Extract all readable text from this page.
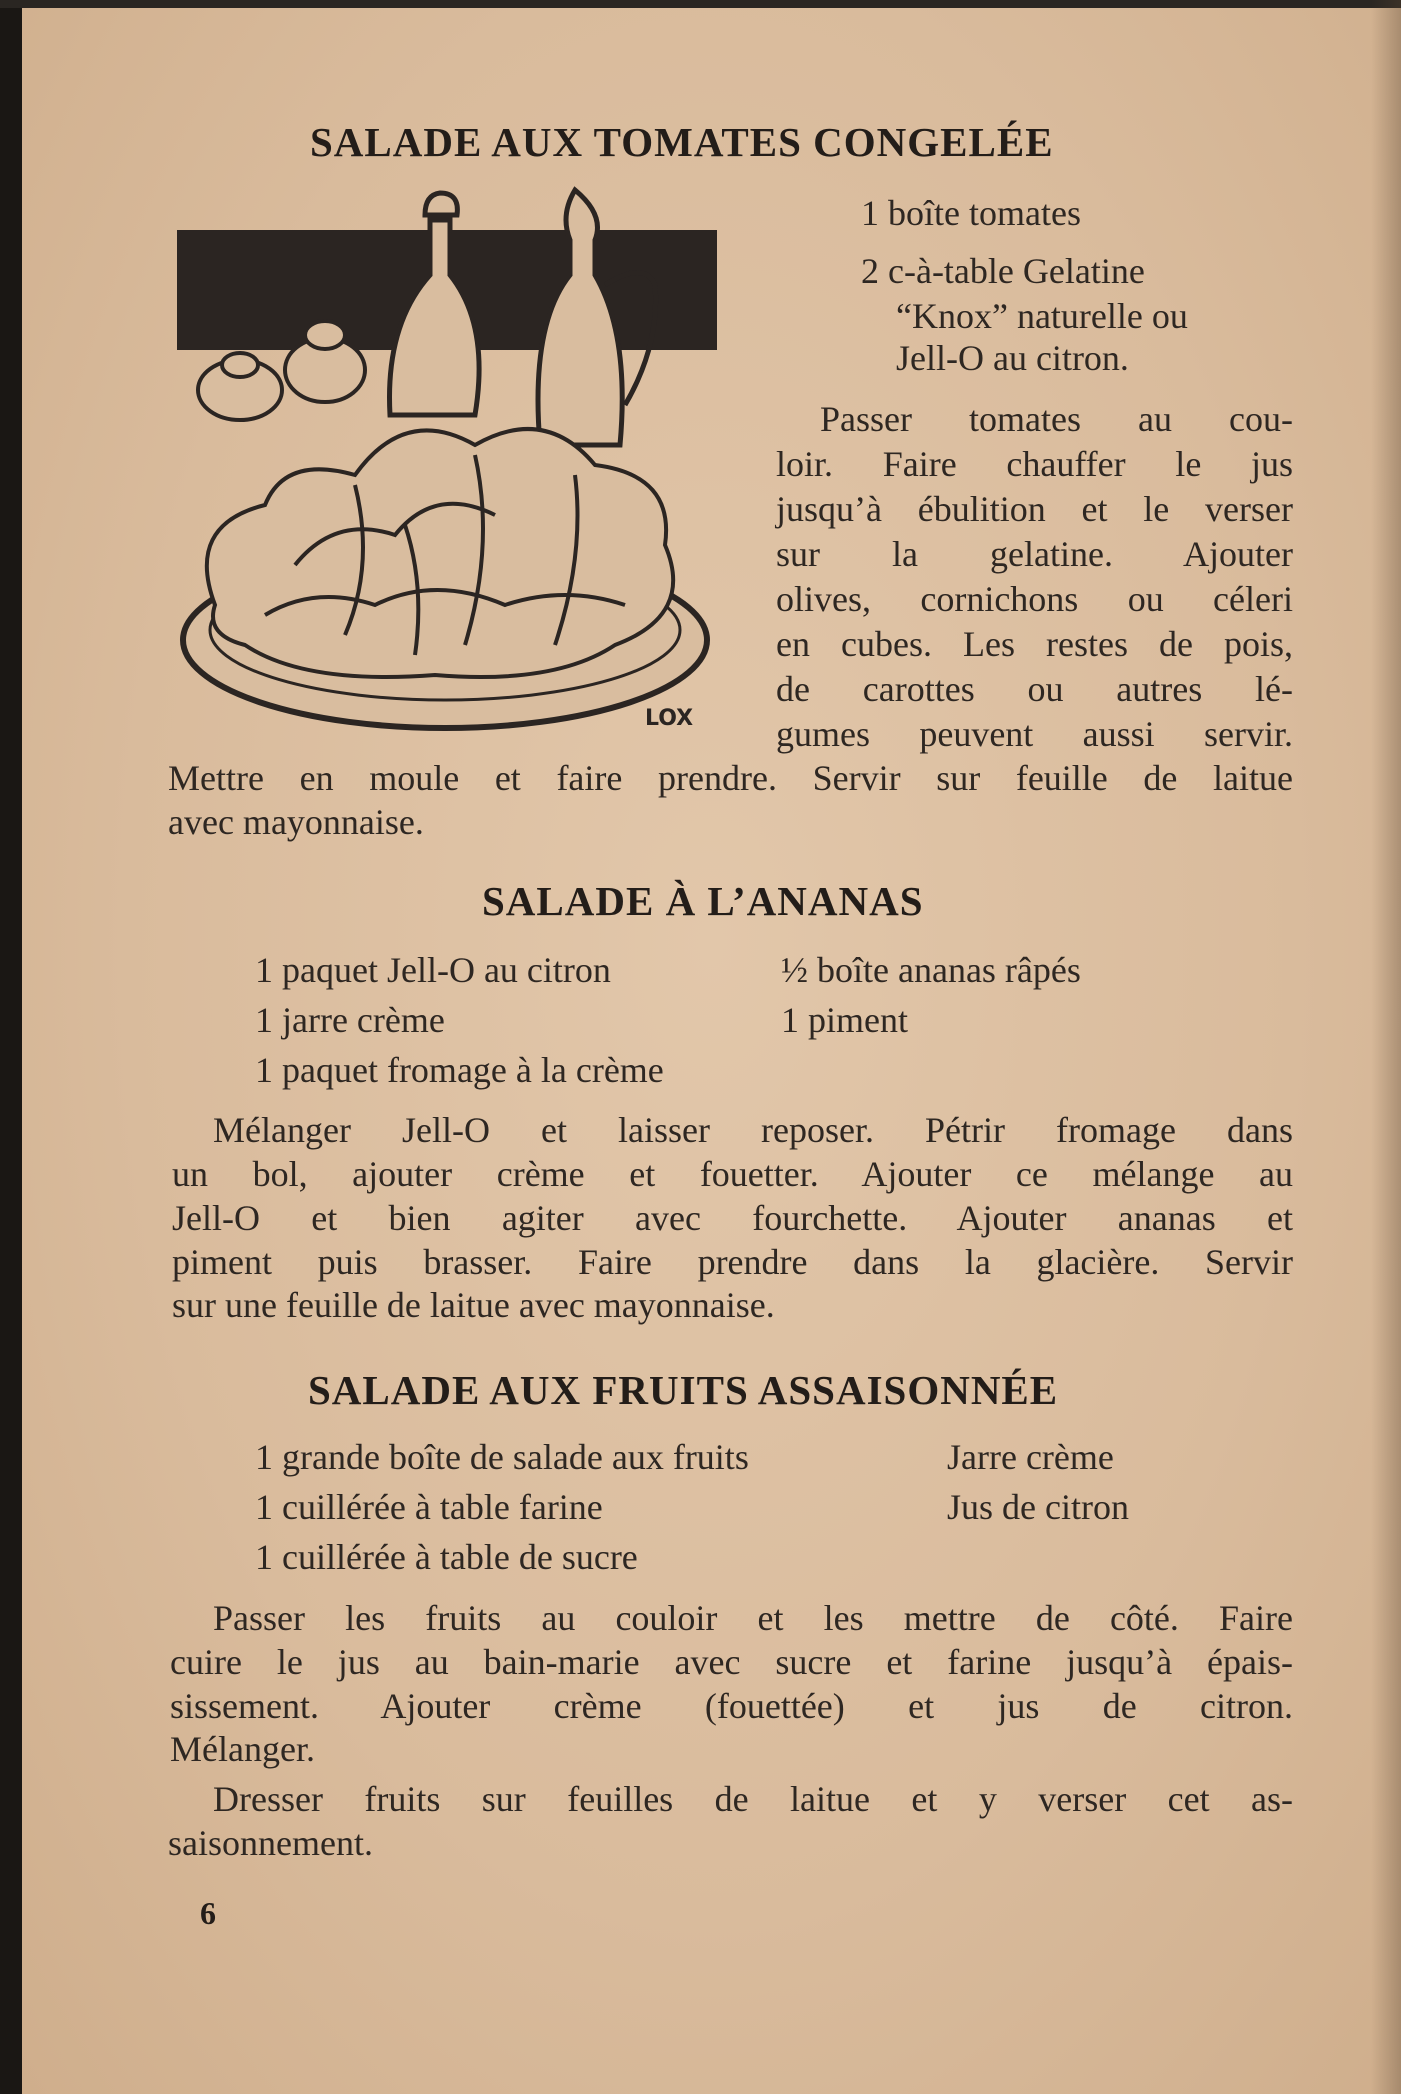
SALADE AUX TOMATES CONGELÉE
LOX
1 boîte tomates
2 c-à-table Gelatine
“Knox” naturelle ou
Jell-O au citron.
Passer tomates au cou-
loir. Faire chauffer le jus
jusqu’à ébulition et le verser
sur la gelatine. Ajouter
olives, cornichons ou céleri
en cubes. Les restes de pois,
de carottes ou autres lé-
gumes peuvent aussi servir.
Mettre en moule et faire prendre. Servir sur feuille de laitue
avec mayonnaise.
SALADE À L’ANANAS
1 paquet Jell-O au citron
1 jarre crème
1 paquet fromage à la crème
½ boîte ananas râpés
1 piment
Mélanger Jell-O et laisser reposer. Pétrir fromage dans
un bol, ajouter crème et fouetter. Ajouter ce mélange au
Jell-O et bien agiter avec fourchette. Ajouter ananas et
piment puis brasser. Faire prendre dans la glacière. Servir
sur une feuille de laitue avec mayonnaise.
SALADE AUX FRUITS ASSAISONNÉE
1 grande boîte de salade aux fruits
1 cuillérée à table farine
1 cuillérée à table de sucre
Jarre crème
Jus de citron
Passer les fruits au couloir et les mettre de côté. Faire
cuire le jus au bain-marie avec sucre et farine jusqu’à épais-
sissement. Ajouter crème (fouettée) et jus de citron.
Mélanger.
Dresser fruits sur feuilles de laitue et y verser cet as-
saisonnement.
6
